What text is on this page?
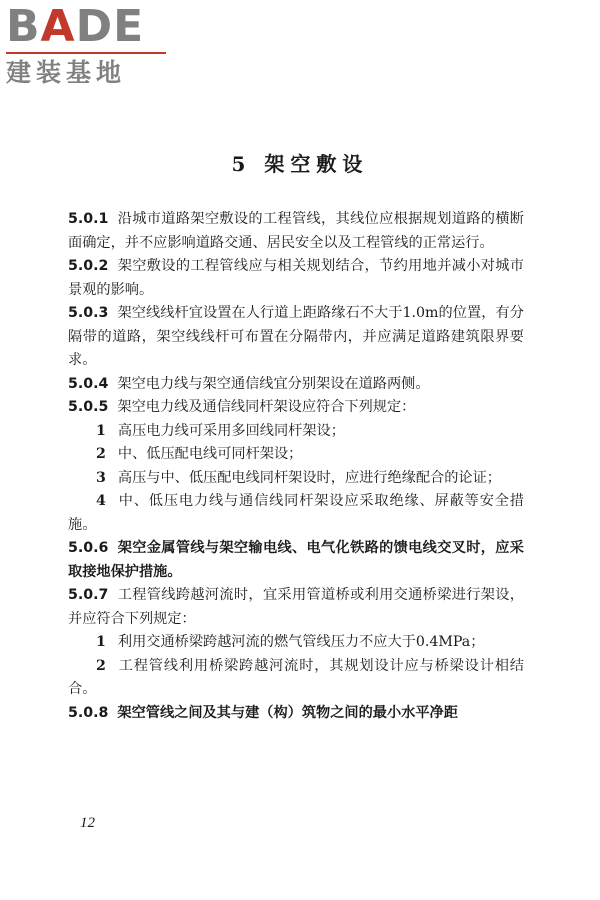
BADE
建装基地
5 架空敷设

5.0.1 沿城市道路架空敷设的工程管线，其线位应根据规划道路的横断面确定，并不应影响道路交通、居民安全以及工程管线的正常运行。

5.0.2 架空敷设的工程管线应与相关规划结合，节约用地并减小对城市景观的影响。

5.0.3 架空线线杆宜设置在人行道上距路缘石不大于1.0m的位置，有分隔带的道路，架空线线杆可布置在分隔带内，并应满足道路建筑限界要求。

5.0.4 架空电力线与架空通信线宜分别架设在道路两侧。

5.0.5 架空电力线及通信线同杆架设应符合下列规定：

1 高压电力线可采用多回线同杆架设；

2 中、低压配电线可同杆架设；

3 高压与中、低压配电线同杆架设时，应进行绝缘配合的论证；

4 中、低压电力线与通信线同杆架设应采取绝缘、屏蔽等安全措施。

5.0.6 架空金属管线与架空输电线、电气化铁路的馈电线交叉时，应采取接地保护措施。

5.0.7 工程管线跨越河流时，宜采用管道桥或利用交通桥梁进行架设，并应符合下列规定：

1 利用交通桥梁跨越河流的燃气管线压力不应大于0.4MPa；

2 工程管线利用桥梁跨越河流时，其规划设计应与桥梁设计相结合。

5.0.8 架空管线之间及其与建（构）筑物之间的最小水平净距

12
